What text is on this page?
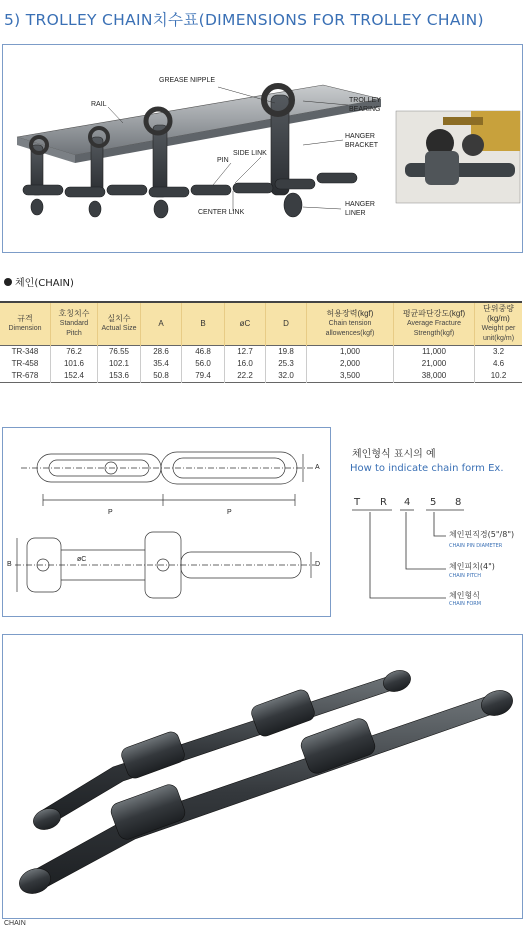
5) TROLLEY CHAIN치수표(DIMENSIONS FOR TROLLEY CHAIN)
GREASE NIPPLE
RAIL
TROLLEY
BEARING
HANGER
BRACKET
SIDE LINK
PIN
CENTER LINK
HANGER
LINER
체인(CHAIN)
규격
Dimension	호칭치수
Standard Pitch	실치수
Actual Size	A	B	øC	D	허용장력(kgf)
Chain tension allowences(kgf)	평균파단강도(kgf)
Average Fracture Strength(kgf)	단위중량(kg/m)
Weight per unit(kg/m)

TR-348	76.2	76.55	28.6	46.8	12.7	19.8	1,000	11,000	3.2
TR-458	101.6	102.1	35.4	56.0	16.0	25.3	2,000	21,000	4.6
TR-678	152.4	153.6	50.8	79.4	22.2	32.0	3,500	38,000	10.2
P	P
A
B
øC
D
체인형식 표시의 예
How to indicate chain form Ex.
T R 4 5 8
체인핀직경(5"/8")
CHAIN PIN DIAMETER
체인피치(4")
CHAIN PITCH
체인형식
CHAIN FORM
CHAIN
